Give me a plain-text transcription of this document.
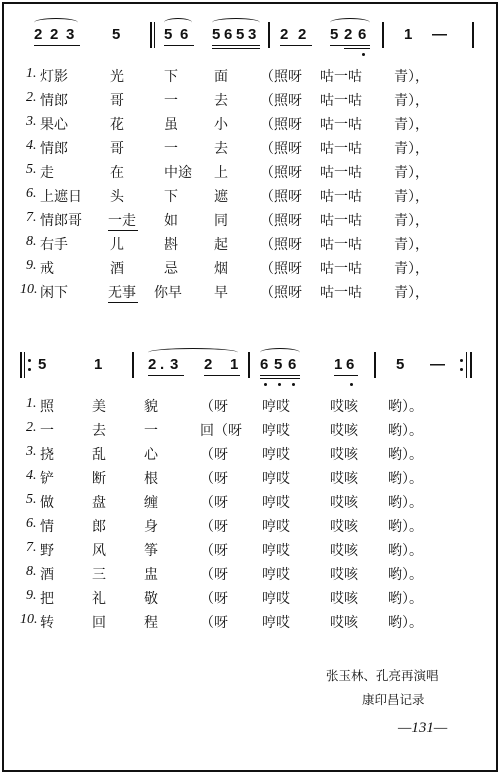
2 2 3 5	5 6 5 6 5 3 2 2 5 2 6 1 —
1. 灯影	光	下	面 （照呀 咕一咕 青），
2. 情郎	哥	一	去 （照呀 咕一咕 青），
3. 果心	花	虽	小 （照呀 咕一咕 青），
4. 情郎	哥	一	去 （照呀 咕一咕 青），
5. 走	在	中途 上 （照呀 咕一咕 青），
6. 上遮日 头	下	遮 （照呀 咕一咕 青），
7. 情郎哥 一走 如	同 （照呀 咕一咕 青），
8. 右手	儿	斟	起 （照呀 咕一咕 青），
9. 戒	酒	忌	烟 （照呀 咕一咕 青），
10. 闲下	无事 你早 早 （照呀 咕一咕 青），
5	1	2 . 3 2 1 6 5 6 1 6	5 —
1. 照	美	貌	（呀 哼哎	哎咳 哟）。
2. 一	去	一	回（呀 哼哎	哎咳 哟）。
3. 挠	乱	心	（呀 哼哎	哎咳 哟）。
4. 铲	断	根	（呀 哼哎	哎咳 哟）。
5. 做	盘	缠	（呀 哼哎	哎咳 哟）。
6. 情	郎	身	（呀 哼哎	哎咳 哟）。
7. 野	风	筝	（呀 哼哎	哎咳 哟）。
8. 酒	三	盅	（呀 哼哎	哎咳 哟）。
9. 把	礼	敬	（呀 哼哎	哎咳 哟）。
10. 转	回	程	（呀 哼哎	哎咳 哟）。
张玉林、孔亮再演唱
康印昌记录
—131—
